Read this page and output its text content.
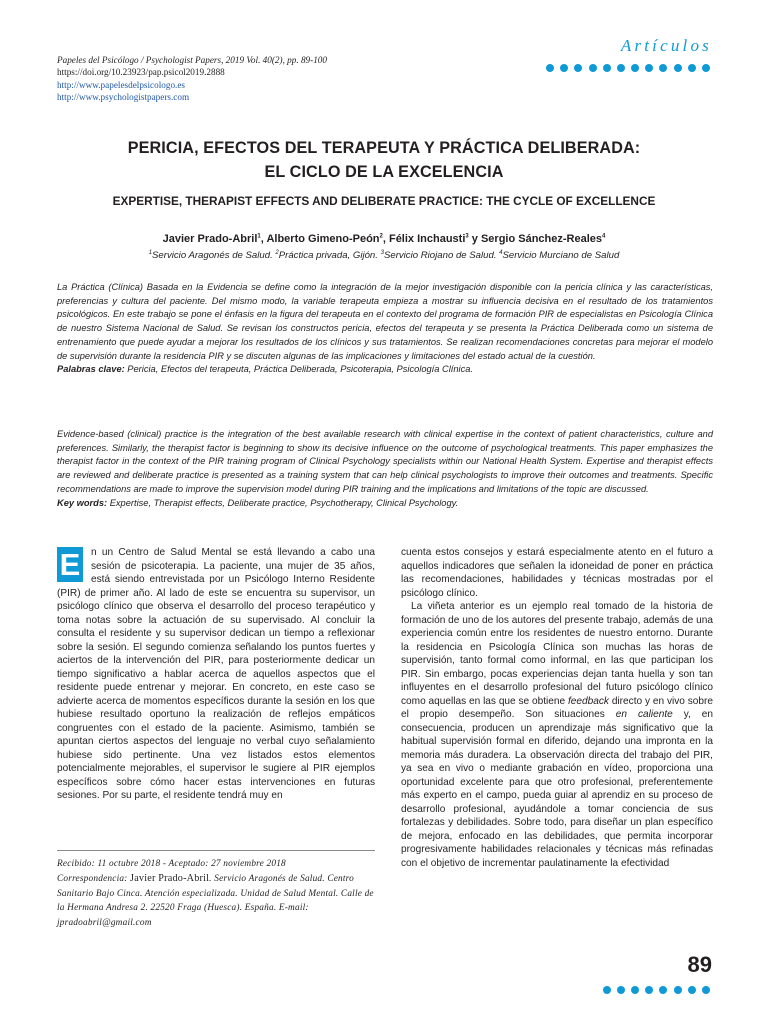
Papeles del Psicólogo / Psychologist Papers, 2019 Vol. 40(2), pp. 89-100
https://doi.org/10.23923/pap.psicol2019.2888
http://www.papelesdelpsicologo.es
http://www.psychologistpapers.com
Artículos
PERICIA, EFECTOS DEL TERAPEUTA Y PRÁCTICA DELIBERADA:
EL CICLO DE LA EXCELENCIA
EXPERTISE, THERAPIST EFFECTS AND DELIBERATE PRACTICE: THE CYCLE OF EXCELLENCE
Javier Prado-Abril$^1$, Alberto Gimeno-Peón$^2$, Félix Inchausti$^3$ y Sergio Sánchez-Reales$^4$
$^1$Servicio Aragonés de Salud. $^2$Práctica privada, Gijón. $^3$Servicio Riojano de Salud. $^4$Servicio Murciano de Salud
La Práctica (Clínica) Basada en la Evidencia se define como la integración de la mejor investigación disponible con la pericia clínica y las características, preferencias y cultura del paciente. Del mismo modo, la variable terapeuta empieza a mostrar su influencia decisiva en el resultado de los tratamientos psicológicos. En este trabajo se pone el énfasis en la figura del terapeuta en el contexto del programa de formación PIR de especialistas en Psicología Clínica de nuestro Sistema Nacional de Salud. Se revisan los constructos pericia, efectos del terapeuta y se presenta la Práctica Deliberada como un sistema de entrenamiento que puede ayudar a mejorar los resultados de los clínicos y sus tratamientos. Se realizan recomendaciones concretas para mejorar el modelo de supervisión durante la residencia PIR y se discuten algunas de las implicaciones y limitaciones del estado actual de la cuestión.
Palabras clave: Pericia, Efectos del terapeuta, Práctica Deliberada, Psicoterapia, Psicología Clínica.
Evidence-based (clinical) practice is the integration of the best available research with clinical expertise in the context of patient characteristics, culture and preferences. Similarly, the therapist factor is beginning to show its decisive influence on the outcome of psychological treatments. This paper emphasizes the therapist factor in the context of the PIR training program of Clinical Psychology specialists within our National Health System. Expertise and therapist effects are reviewed and deliberate practice is presented as a training system that can help clinical psychologists to improve their outcomes and treatments. Specific recommendations are made to improve the supervision model during PIR training and the implications and limitations of the topic are discussed.
Key words: Expertise, Therapist effects, Deliberate practice, Psychotherapy, Clinical Psychology.

E n un Centro de Salud Mental se está llevando a cabo una sesión de psicoterapia. La paciente, una mujer de 35 años, está siendo entrevistada por un Psicólogo Interno Residente (PIR) de primer año. Al lado de este se encuentra su supervisor, un psicólogo clínico que observa el desarrollo del proceso terapéutico y toma notas sobre la actuación de su supervisado. Al concluir la consulta el residente y su supervisor dedican un tiempo a reflexionar sobre la sesión. El segundo comienza señalando los puntos fuertes y aciertos de la intervención del PIR, para posteriormente dedicar un tiempo significativo a hablar acerca de aquellos aspectos que el residente puede entrenar y mejorar. En concreto, en este caso se advierte acerca de momentos específicos durante la sesión en los que hubiese resultado oportuno la realización de reflejos empáticos congruentes con el estado de la paciente. Asimismo, también se apuntan ciertos aspectos del lenguaje no verbal cuyo señalamiento hubiese sido pertinente. Una vez listados estos elementos potencialmente mejorables, el supervisor le sugiere al PIR ejemplos específicos sobre cómo hacer estas intervenciones en futuras sesiones. Por su parte, el residente tendrá muy en

cuenta estos consejos y estará especialmente atento en el futuro a aquellos indicadores que señalen la idoneidad de poner en práctica las recomendaciones, habilidades y técnicas mostradas por el psicólogo clínico.

La viñeta anterior es un ejemplo real tomado de la historia de formación de uno de los autores del presente trabajo, además de una experiencia común entre los residentes de nuestro entorno. Durante la residencia en Psicología Clínica son muchas las horas de supervisión, tanto formal como informal, en las que participan los PIR. Sin embargo, pocas experiencias dejan tanta huella y son tan influyentes en el desarrollo profesional del futuro psicólogo clínico como aquellas en las que se obtiene feedback directo y en vivo sobre el propio desempeño. Son situaciones en caliente y, en consecuencia, producen un aprendizaje más significativo que la habitual supervisión formal en diferido, dejando una impronta en la memoria más duradera. La observación directa del trabajo del PIR, ya sea en vivo o mediante grabación en vídeo, proporciona una oportunidad excelente para que otro profesional, preferentemente más experto en el campo, pueda guiar al aprendiz en su proceso de desarrollo profesional, ayudándole a tomar conciencia de sus fortalezas y debilidades. Sobre todo, para diseñar un plan específico de mejora, enfocado en las debilidades, que permita incorporar progresivamente habilidades relacionales y técnicas más refinadas con el objetivo de incrementar paulatinamente la efectividad

Recibido: 11 octubre 2018 - Aceptado: 27 noviembre 2018
Correspondencia: Javier Prado-Abril. Servicio Aragonés de Salud. Centro Sanitario Bajo Cinca. Atención especializada. Unidad de Salud Mental. Calle de la Hermana Andresa 2. 22520 Fraga (Huesca). España. E-mail: jpradoabril@gmail.com
89
